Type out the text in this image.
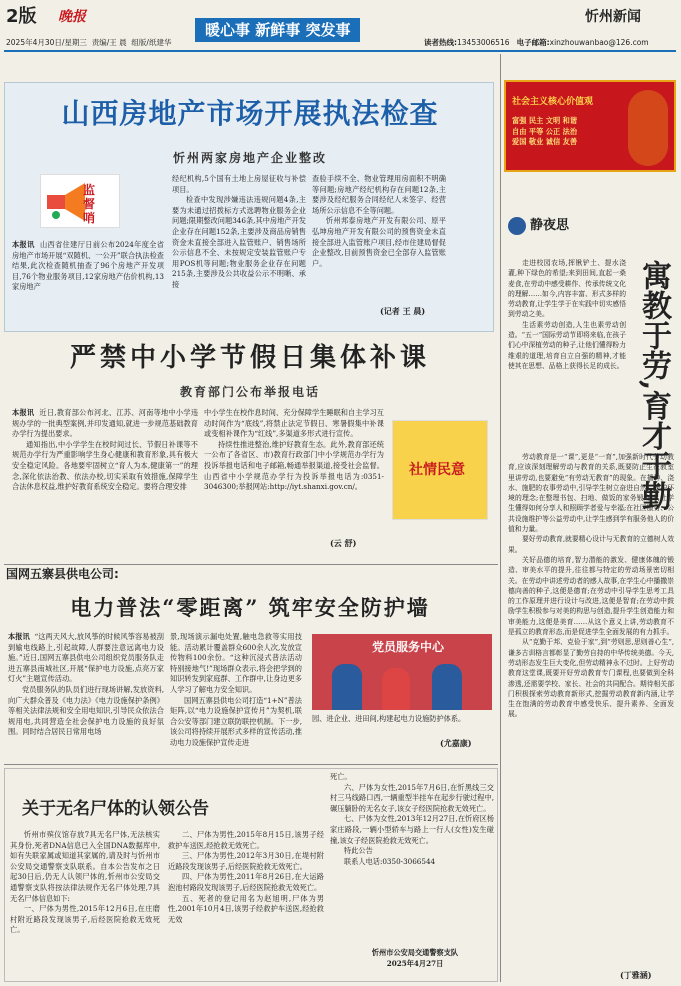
2版 晚报
暖心事 新鲜事 突发事
忻州新闻
2025年4月30日/星期三 责编/王 晨 组版/纸建华	读者热线:13453006516 电子邮箱:xinzhouwanbao@126.com
山西房地产市场开展执法检查
忻州两家房地产企业整改
监督哨
本报讯 山西省住建厅日前公布2024年度全省房地产市场开展“双随机、一公开”联合执法检查结果,此次检查随机抽查了96个房地产开发项目,76个物业服务项目,12家房地产估价机构,13家房地产

经纪机构,5个国有土地上房屋征收与补偿项目。

检查中发现涉嫌违法违规问题4条,主要为未通过招拨标方式选聘物业服务企业问题;限期整改问题346条,其中房地产开发企业存在问题152条,主要涉及商品房销售资金未直接全部进入监管账户、销售场所公示信息不全、未按规定安装监管账户专用POS机等问题;物业服务企业存在问题215条,主要涉及公共收益公示不明晰、承接

查验手续不全、物业管理用房面积不明确等问题;房地产经纪机构存在问题12条,主要涉及经纪服务合同经纪人未签字、经营场所公示信息不全等问题。

忻州邦泰房地产开发有限公司、原平弘坤房地产开发有限公司的预售资金未直接全部进入监管账户项目,经市住建局督促企业整改,目前预售资金已全部存入监管账户。

(记者 王 晨)
严禁中小学节假日集体补课
教育部门公布举报电话

本报讯 近日,教育部公布河北、江苏、河南等地中小学违规办学的一批典型案例,并印发通知,就进一步规范基础教育办学行为提出要求。

通知指出,中小学学生在校时间过长、节假日补课等不规范办学行为严重影响学生身心健康和教育形象,具有极大安全稳定风险。各地要牢固树立“育人为本,健康第一”的理念,深化依法治教、依法办校,切实采取有效措施,保障学生合法休息权益,维护好教育系统安全稳定。要将合理安排

中小学生在校作息时间、充分保障学生睡眠和自主学习互动时间作为“底线”,将禁止法定节假日、寒暑假集中补课或变相补课作为“红线”,多渠道多形式进行宣传。

持续性推进整治,维护好教育生态。此外,教育部还统一公布了各省区、市)教育行政部门中小学规范办学行为投诉举报电话和电子邮箱,畅通举报渠道,接受社会监督。山西省中小学规范办学行为投诉举报电话为:0351-3046300;举报网站:http://iyt.shanxi.gov.cn/。

(云 舒)
社情民意
国网五寨县供电公司:
电力普法“零距离” 筑牢安全防护墙

本报讯 “这两天风大,放风筝的时候风筝容易被刮到输电线路上,引起故障,人群要注意远离电力设施。”近日,国网五寨县供电公司组织党员服务队走进五寨县南城社区,开展“保护电力设施,点亮万家灯火”主题宣传活动。

党员服务队的队员们进行现场讲解,发放资料,向广大群众普及《电力法》《电力设施保护条例》等相关法律法规和安全用电知识,引导民众依法合规用电,共同营造全社会保护电力设施的良好氛围。同时结合居民日常用电场

景,现场演示漏电处置,触电急救等实用技能。活动累计覆盖群众600余人次,发放宣传物料100余份。“这种沉浸式普法活动特别接地气!”现场群众表示,将会把学到的知识转发到家庭群、工作群中,让身边更多人学习了解电力安全知识。

国网五寨县供电公司打造“1+N”普法矩阵,以“电力设施保护宣传月”为契机,联合公安等部门建立联防联控机制。下一步,该公司将持续开展形式多样的宣传活动,推动电力设施保护宣传走进

党员服务中心
园、进企业、进田间,构建起电力设施防护体系。
(尤嘉康)
关于无名尸体的认领公告

忻州市殡仪馆存放7具无名尸体,无法核实其身份,死者DNA信息已入全国DNA数据库中,如有失联家属或知道其家属的,请及时与忻州市公安局交通警察支队联系。自本公告发布之日起30日后,仍无人认领尸体的,忻州市公安局交通警察支队将按法律法规作无名尸体处理,7具无名尸体信息如下:

一、尸体为男性,2015年12月6日,在庄磨村附近路段发现该男子,后经医院抢救无效死亡。

二、尸体为男性,2015年8月15日,该男子经救护车送医,经抢救无效死亡。

三、尸体为男性,2012年3月30日,在堤村附近路段发现该男子,后经医院抢救无效死亡。

四、尸体为男性,2011年8月26日,在大运路泡池村路段发现该男子,后经医院抢救无效死亡。

五、死者的登记用名为赵旭明,尸体为男性,2001年10月4日,该男子经救护车送医,经抢救无效

死亡。

六、尸体为女性,2015年7月6日,在忻黑线三交村三马线路口西,一辆重型半挂车在起步行驶过程中,碾压躺卧的无名女子,该女子经医院抢救无效死亡。

七、尸体为女性,2013年12月27日,在忻府区杨家庄路段,一辆小型轿车与路上一行人(女性)发生碰撞,该女子经医院抢救无效死亡。

特此公告

联系人电话:0350-3066544

忻州市公安局交通警察支队
2025年4月27日
社会主义核心价值观
富强 民主 文明 和谐
自由 平等 公正 法治
爱国 敬业 诚信 友善
静夜思
寓教于劳,育才于勤

走进校园农场,挥锹铲土、提水浇灌,种下绿色的希望;来到田间,直起一桑麦食,在劳动中感受耕作、传承传统文化的理解……如今,内容丰富、形式多样的劳动教育,让学生学于在实践中切实感悟到劳动之美。

生活素劳动创造,人生也素劳动创造。“五一”国际劳动节即将来临,在孩子们心中深植劳动的种子,让他们懂得粉力维艰的道理,培育自立自强的精神,才能使其在思想、品格上获得长足的成长。

劳动教育是一“课”,更是“一育”,加强新时代劳动教育,应该深刻理解劳动与教育的关系,既要防止生在教室里讲劳动,也要避免“有劳动无教育”的现象。在播种、浇水、施肥的农事劳动中,引导学生树立奋进自然、保护环境的理念;在整理书包、扫地、做饭的家务锻炼中,让学生懂得如何分享人和照顾学者爱与幸福;在社区服务、公共设施维护等公益劳动中,让学生感到学有服务他人的价值和力量。

要好劳动教育,就要精心设计与无教育的立德树人效果。

关好品德的培育,智力潜能的激发、健康体魄的锻造、审美水平的提升,往往都与特定的劳动场景密切相关。在劳动中讲述劳动者的感人故事,在学生心中播撒崇德向善的种子,这便是德育;在劳动中引导学生思考工具的工作原理并进行设计与改进,这便是智育;在劳动中鼓励学生积极参与对美的构思与创造,提升学生创造能力和审美能力,这便是美育……从这个意义上讲,劳动教育不是孤立的教育形态,而是促进学生全面发展的有力抓手。

从“克勤于邦、克俭于家”,到“劳则思,思则善心生”,谦多古训格言都彰显了勤劳自持的中华传统美德。今天,劳动形态发生巨大变化,但劳动精神永不过时。上好劳动教育这堂课,既要开好劳动教育专门课程,也要做到全科渗透,还需要学校、家长、社会的共同配合。期待相关部门积极探索劳动教育新形式,挖掘劳动教育新内涵,让学生在饱满的劳动教育中感受快乐、提升素养、全面发展。

(丁雅涵)
